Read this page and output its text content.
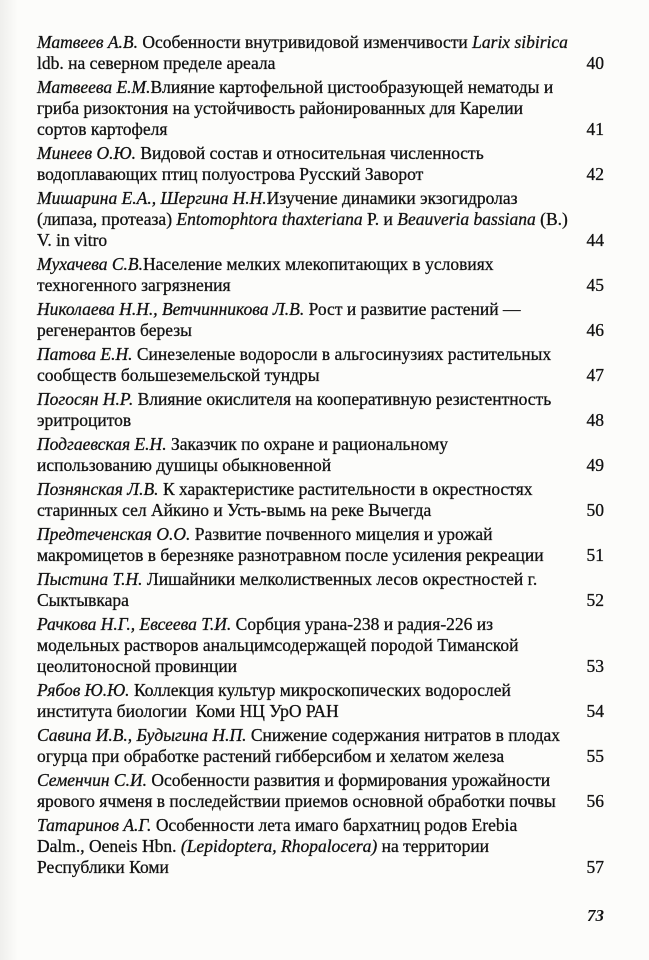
Матвеев А.В. Особенности внутривидовой изменчивости Larix sibirica
ldb. на северном пределе ареала	40
Матвеева Е.М.Влияние картофельной цистообразующей нематоды и
гриба ризоктония на устойчивость районированных для Карелии
сортов картофеля	41
Минеев О.Ю. Видовой состав и относительная численность
водоплавающих птиц полуострова Русский Заворот	42
Мишарина Е.А., Шергина Н.Н.Изучение динамики экзогидролаз
(липаза, протеаза) Entomophtora thaxteriana P. и Beauveria bassiana (В.)
V. in vitro	44
Мухачева С.В.Население мелких млекопитающих в условиях
техногенного загрязнения	45
Николаева Н.Н., Ветчинникова Л.В. Рост и развитие растений —
регенерантов березы	46
Патова Е.Н. Синезеленые водоросли в альгосинузиях растительных
сообществ большеземельской тундры	47
Погосян Н.Р. Влияние окислителя на кооперативную резистентность
эритроцитов	48
Подгаевская Е.Н. Заказчик по охране и рациональному
использованию душицы обыкновенной	49
Познянская Л.В. К характеристике растительности в окрестностях
старинных сел Айкино и Усть-вымь на реке Вычегда	50
Предтеченская О.О. Развитие почвенного мицелия и урожай
макромицетов в березняке разнотравном после усиления рекреации	51
Пыстина Т.Н. Лишайники мелколиственных лесов окрестностей г.
Сыктывкара	52
Рачкова Н.Г., Евсеева Т.И. Сорбция урана-238 и радия-226 из
модельных растворов анальцимсодержащей породой Тиманской
цеолитоносной провинции	53
Рябов Ю.Ю. Коллекция культур микроскопических водорослей
института биологии  Коми НЦ УрО РАН	54
Савина И.В., Будыгина Н.П. Снижение содержания нитратов в плодах
огурца при обработке растений гибберсибом и хелатом железа	55
Семенчин С.И. Особенности развития и формирования урожайности
ярового ячменя в последействии приемов основной обработки почвы	56
Татаринов А.Г. Особенности лета имаго бархатниц родов Erebia
Dalm., Oeneis Hbn. (Lepidoptera, Rhopalocera) на территории
Республики Коми	57
73
